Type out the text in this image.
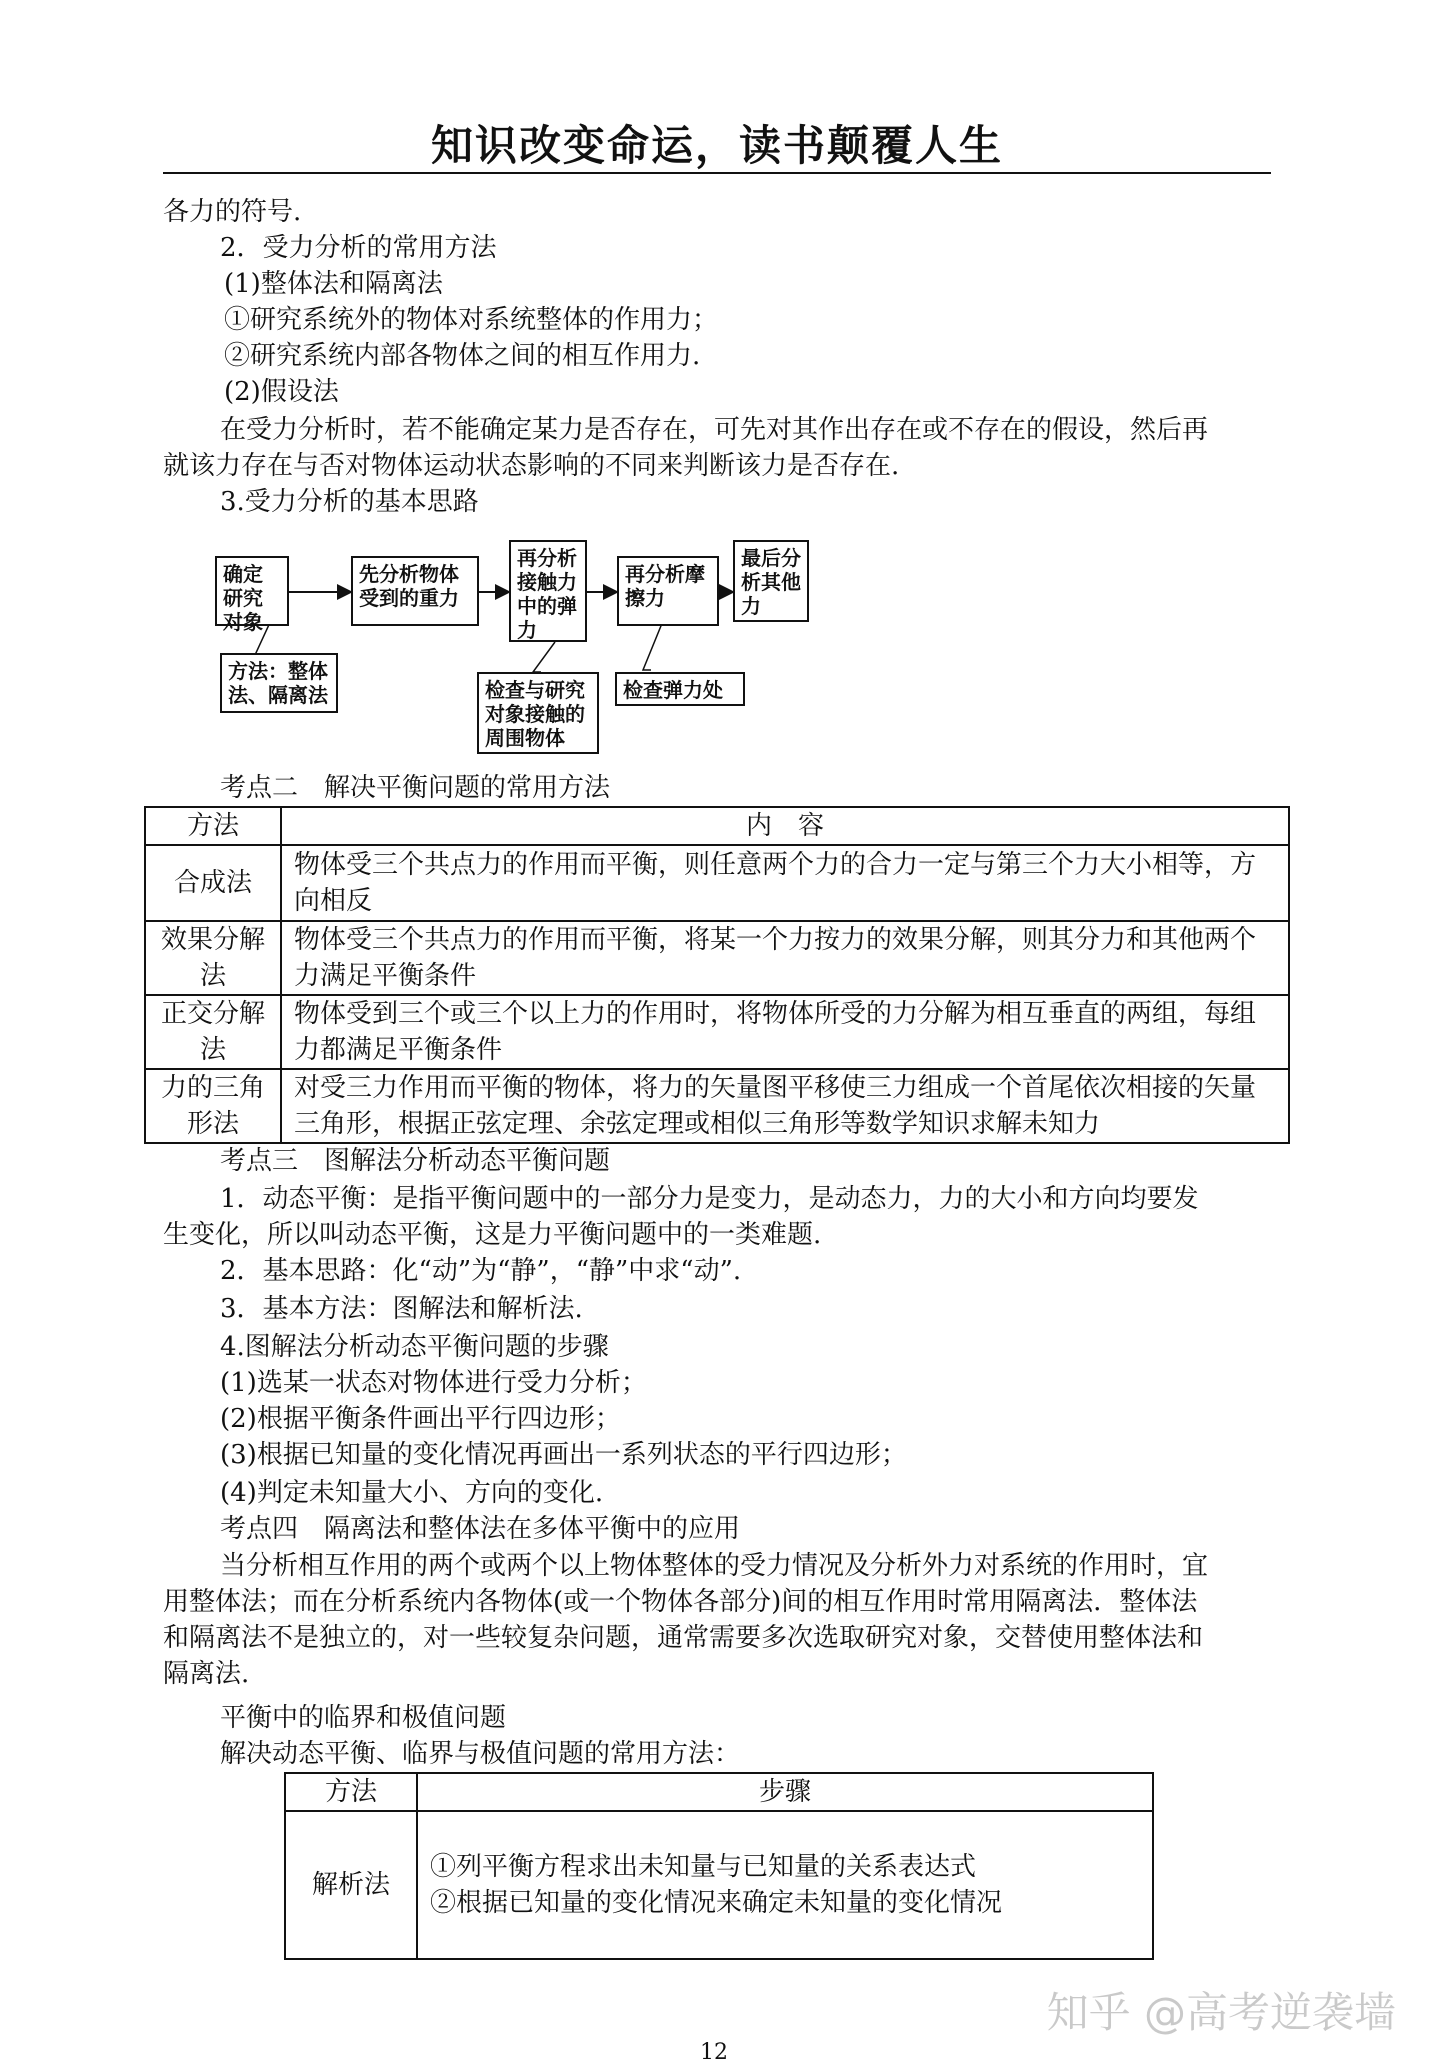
知识改变命运，读书颠覆人生
各力的符号.
2．受力分析的常用方法
(1)整体法和隔离法
①研究系统外的物体对系统整体的作用力；
②研究系统内部各物体之间的相互作用力.
(2)假设法
在受力分析时，若不能确定某力是否存在，可先对其作出存在或不存在的假设，然后再
就该力存在与否对物体运动状态影响的不同来判断该力是否存在.
3.受力分析的基本思路
确定研究对象
先分析物体受到的重力
再分析接触力中的弹力
再分析摩擦力
最后分析其他力
方法：整体法、隔离法	检查与研究对象接触的周围物体
检查弹力处
考点二　解决平衡问题的常用方法
方法	内　容
合成法	物体受三个共点力的作用而平衡，则任意两个力的合力一定与第三个力大小相等，方向相反
效果分解法	物体受三个共点力的作用而平衡，将某一个力按力的效果分解，则其分力和其他两个力满足平衡条件
正交分解法	物体受到三个或三个以上力的作用时，将物体所受的力分解为相互垂直的两组，每组力都满足平衡条件
力的三角形法	对受三力作用而平衡的物体，将力的矢量图平移使三力组成一个首尾依次相接的矢量三角形，根据正弦定理、余弦定理或相似三角形等数学知识求解未知力
考点三　图解法分析动态平衡问题
1．动态平衡：是指平衡问题中的一部分力是变力，是动态力，力的大小和方向均要发
生变化，所以叫动态平衡，这是力平衡问题中的一类难题.
2．基本思路：化“动”为“静”，“静”中求“动”.
3．基本方法：图解法和解析法.
4.图解法分析动态平衡问题的步骤
(1)选某一状态对物体进行受力分析；
(2)根据平衡条件画出平行四边形；
(3)根据已知量的变化情况再画出一系列状态的平行四边形；
(4)判定未知量大小、方向的变化.
考点四　隔离法和整体法在多体平衡中的应用
当分析相互作用的两个或两个以上物体整体的受力情况及分析外力对系统的作用时，宜
用整体法；而在分析系统内各物体(或一个物体各部分)间的相互作用时常用隔离法．整体法
和隔离法不是独立的，对一些较复杂问题，通常需要多次选取研究对象，交替使用整体法和
隔离法.
平衡中的临界和极值问题
解决动态平衡、临界与极值问题的常用方法：
方法	步骤
解析法	①列平衡方程求出未知量与已知量的关系表达式
②根据已知量的变化情况来确定未知量的变化情况
知乎 @高考逆袭墙
12
